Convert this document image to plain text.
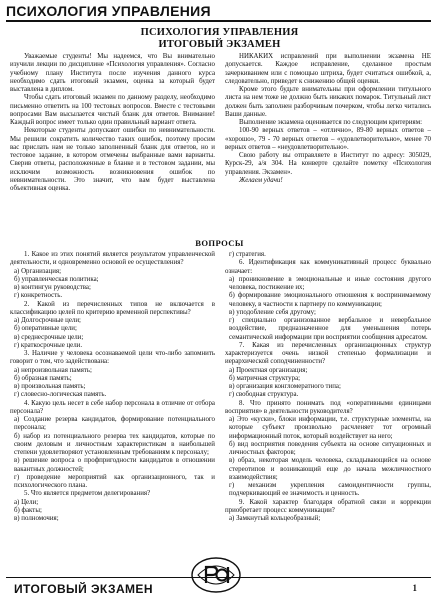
ПСИХОЛОГИЯ УПРАВЛЕНИЯ
ПСИХОЛОГИЯ УПРАВЛЕНИЯ
ИТОГОВЫЙ ЭКЗАМЕН

Уважаемые студенты! Мы надеемся, что Вы внимательно изучили лекции по дисциплине «Психология управления». Согласно учебному плану Института после изучения данного курса необходимо сдать итоговый экзамен, оценка за который будет выставлена в диплом.

Чтобы сдать итоговый экзамен по данному разделу, необходимо письменно ответить на 100 тестовых вопросов. Вместе с тестовыми вопросами Вам высылается чистый бланк для ответов. Внимание! Каждый вопрос имеет только один правильный вариант ответа.

Некоторые студенты допускают ошибки по невнимательности. Мы решили сократить количество таких ошибок, поэтому просим вас прислать нам не только заполненный бланк для ответов, но и тестовое задание, в котором отмечены выбранные вами варианты. Сверив ответы, расположенные в бланке и в тестовом задании, мы исключим возможность возникновения ошибок по невнимательности. Это значит, что вам будет выставлена объективная оценка.

НИКАКИХ исправлений при выполнении экзамена НЕ допускается. Каждое исправление, сделанное простым зачеркиванием или с помощью штриха, будет считаться ошибкой, а, следовательно, приведет к снижению общей оценки.

Кроме этого будьте внимательны при оформлении титульного листа на нем тоже не должно быть никаких помарок. Титульный лист должен быть заполнен разборчивым почерком, чтобы легко читались Ваши данные.

Выполнение экзамена оценивается по следующим критериям:

100-90 верных ответов – «отлично», 89-80 верных ответов – «хорошо», 79 - 70 верных ответов – «удовлетворительно», менее 70 верных ответов – «неудовлетворительно».

Свою работу вы отправляете в Институт по адресу: 305029, Курск-29, а/я 304. На конверте сделайте пометку «Психология управления. Экзамен».

Желаем удачи!

ВОПРОСЫ

1. Какое из этих понятий является результатом управленческой деятельности, и одновременно основой ее осуществления?

а) Организация;

б) управленческая политика;

в) контингун руководства;

г) конкретность.

2. Какой из перечисленных типов не включается в классификацию целей по критерию временной перспективы?

а) Долгосрочные цели;

б) оперативные цели;

в) среднесрочные цели;

г) краткосрочные цели.

3. Наличие у человека осознаваемой цели что-либо запомнить говорит о том, что задействована:

а) непроизвольная память;

б) образная память;

в) произвольная память;

г) словесно-логическая память.

4. Какую цель несет в себе набор персонала в отличие от отбора персонала?

а) Создание резерва кандидатов, формирование потенциального персонала;

б) набор из потенциального резерва тех кандидатов, которые по своим деловым и личностным характеристикам в наибольшей степени удовлетворяют установленным требованиям к персоналу;

в) решение вопроса о профпригодности кандидатов в отношении вакантных должностей;

г) проведение мероприятий как организационного, так и психологического плана.

5. Что является предметом делегирования?

а) Цели;

б) факты;

в) полномочия;

г) стратегия.

6. Идентификация как коммуникативный процесс буквально означает:

а) проникновение в эмоциональные и иные состояния другого человека, постижение их;

б) формирование эмоционального отношения к воспринимаемому человеку, в частности к партнеру по коммуникации;

в) уподобление себя другому;

г) специально организованное вербальное и невербальное воздействие, предназначенное для уменьшения потерь семантической информации при восприятии сообщения адресатом.

7. Какая из перечисленных организационных структур характеризуется очень низкой степенью формализации и иерархической соподчиненности?

а) Проектная организация;

б) матричная структура;

в) организация конгломератного типа;

г) свободная структура.

8. Что принято понимать под «оперативными единицами восприятия» в деятельности руководителя?

а) Это «куски», блоки информации, т.е. структурные элементы, на которые субъект произвольно расчленяет тот огромный информационный поток, который воздействует на него;

б) вид восприятия поведения субъекта на основе ситуационных и личностных факторов;

в) образ, некоторая модель человека, складывающийся на основе стереотипов и возникающий еще до начала межличностного взаимодействия;

г) механизм укрепления самоидентичности группы, подчеркивающий ее значимость и ценность.

9. Какой характер благодаря обратной связи и коррекции приобретает процесс коммуникации?

а) Замкнутый кольцеобразный;

ИТОГОВЫЙ ЭКЗАМЕН	1
